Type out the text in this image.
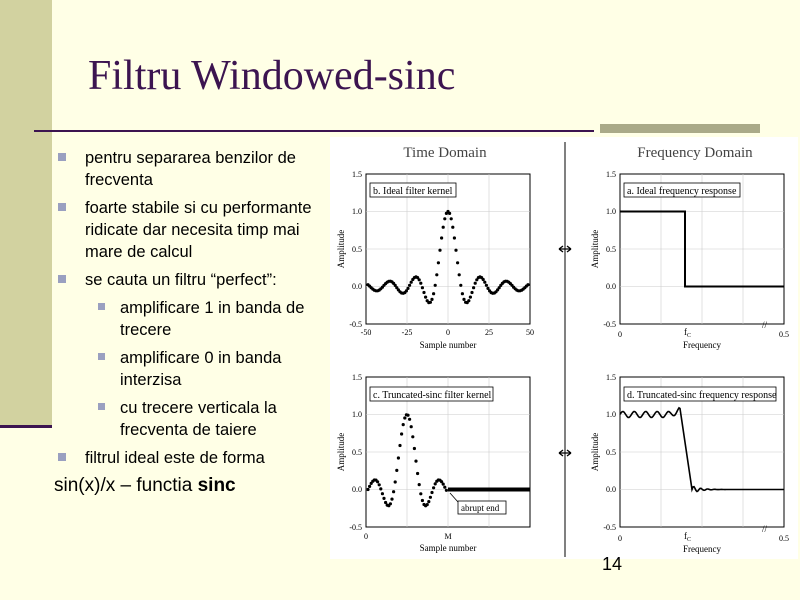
Filtru Windowed-sinc
pentru separarea benzilor de frecventa
foarte stabile si cu performante ridicate dar necesita timp mai mare de calcul
se cauta un filtru “perfect”:
amplificare 1 in banda de trecere
amplificare 0 in banda interzisa
cu trecere verticala la frecventa de taiere
filtrul ideal este de forma
sin(x)/x – functia sinc
Time Domain	Frequency Domain
b. Ideal filter kernel
1.5
1.0
0.5
0.0
-0.5
-50	-25	0	25	50
Sample number
Amplitude
a. Ideal frequency response
1.5
1.0
0.5
0.0
-0.5
0	0.5
$f_C$
Frequency
Amplitude
//
c. Truncated-sinc filter kernel
1.5
1.0
0.5
0.0
-0.5
0	M
Sample number
Amplitude
abrupt end
d. Truncated-sinc frequency response
1.5
1.0
0.5
0.0
-0.5
0	0.5
$f_C$
Frequency
Amplitude
//
14
